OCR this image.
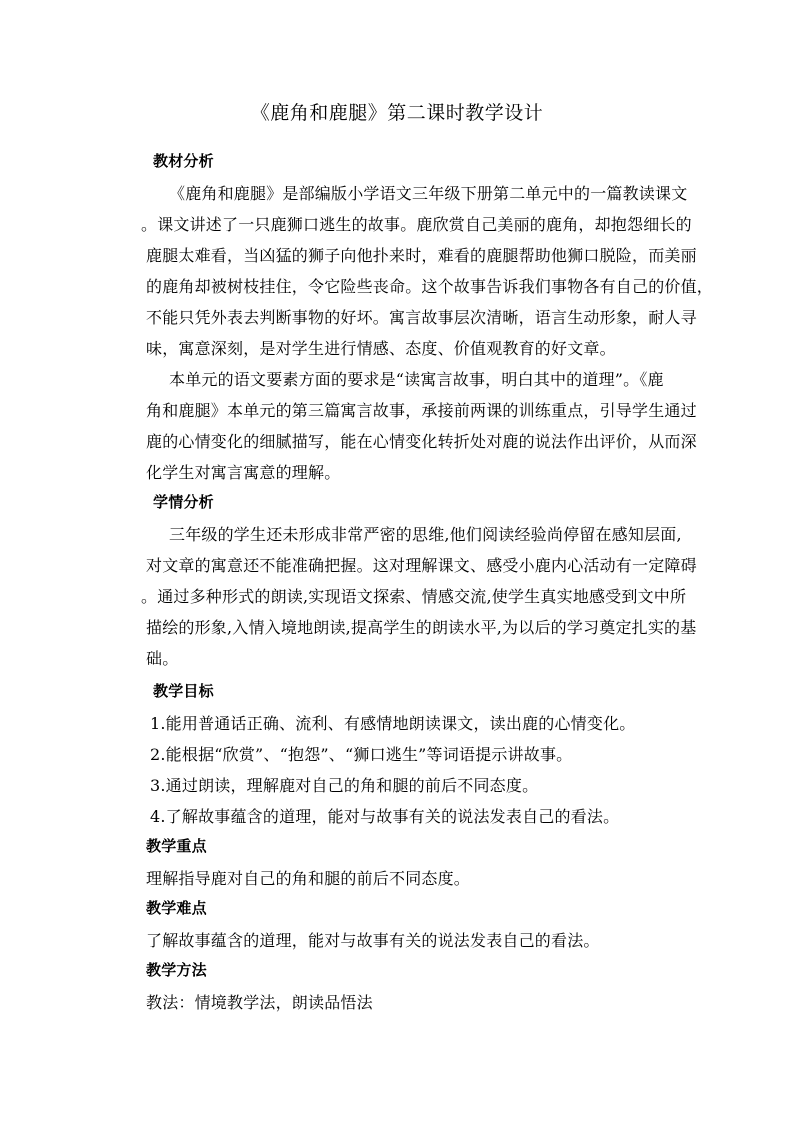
《鹿角和鹿腿》第二课时教学设计
教材分析
《鹿角和鹿腿》是部编版小学语文三年级下册第二单元中的一篇教读课文
。课文讲述了一只鹿狮口逃生的故事。鹿欣赏自己美丽的鹿角，却抱怨细长的
鹿腿太难看，当凶猛的狮子向他扑来时，难看的鹿腿帮助他狮口脱险，而美丽
的鹿角却被树枝挂住，令它险些丧命。这个故事告诉我们事物各有自己的价值，
不能只凭外表去判断事物的好坏。寓言故事层次清晰，语言生动形象，耐人寻
味，寓意深刻，是对学生进行情感、态度、价值观教育的好文章。
本单元的语文要素方面的要求是“读寓言故事，明白其中的道理”。《鹿
角和鹿腿》本单元的第三篇寓言故事，承接前两课的训练重点，引导学生通过
鹿的心情变化的细腻描写，能在心情变化转折处对鹿的说法作出评价，从而深
化学生对寓言寓意的理解。
学情分析
三年级的学生还未形成非常严密的思维,他们阅读经验尚停留在感知层面,
对文章的寓意还不能准确把握。这对理解课文、感受小鹿内心活动有一定障碍
。通过多种形式的朗读,实现语文探索、情感交流,使学生真实地感受到文中所
描绘的形象,入情入境地朗读,提高学生的朗读水平,为以后的学习奠定扎实的基
础。
教学目标
1.能用普通话正确、流利、有感情地朗读课文，读出鹿的心情变化。
2.能根据“欣赏”、“抱怨”、“狮口逃生”等词语提示讲故事。
3.通过朗读，理解鹿对自己的角和腿的前后不同态度。
4.了解故事蕴含的道理，能对与故事有关的说法发表自己的看法。
教学重点
理解指导鹿对自己的角和腿的前后不同态度。
教学难点
了解故事蕴含的道理，能对与故事有关的说法发表自己的看法。
教学方法
教法：情境教学法，朗读品悟法
